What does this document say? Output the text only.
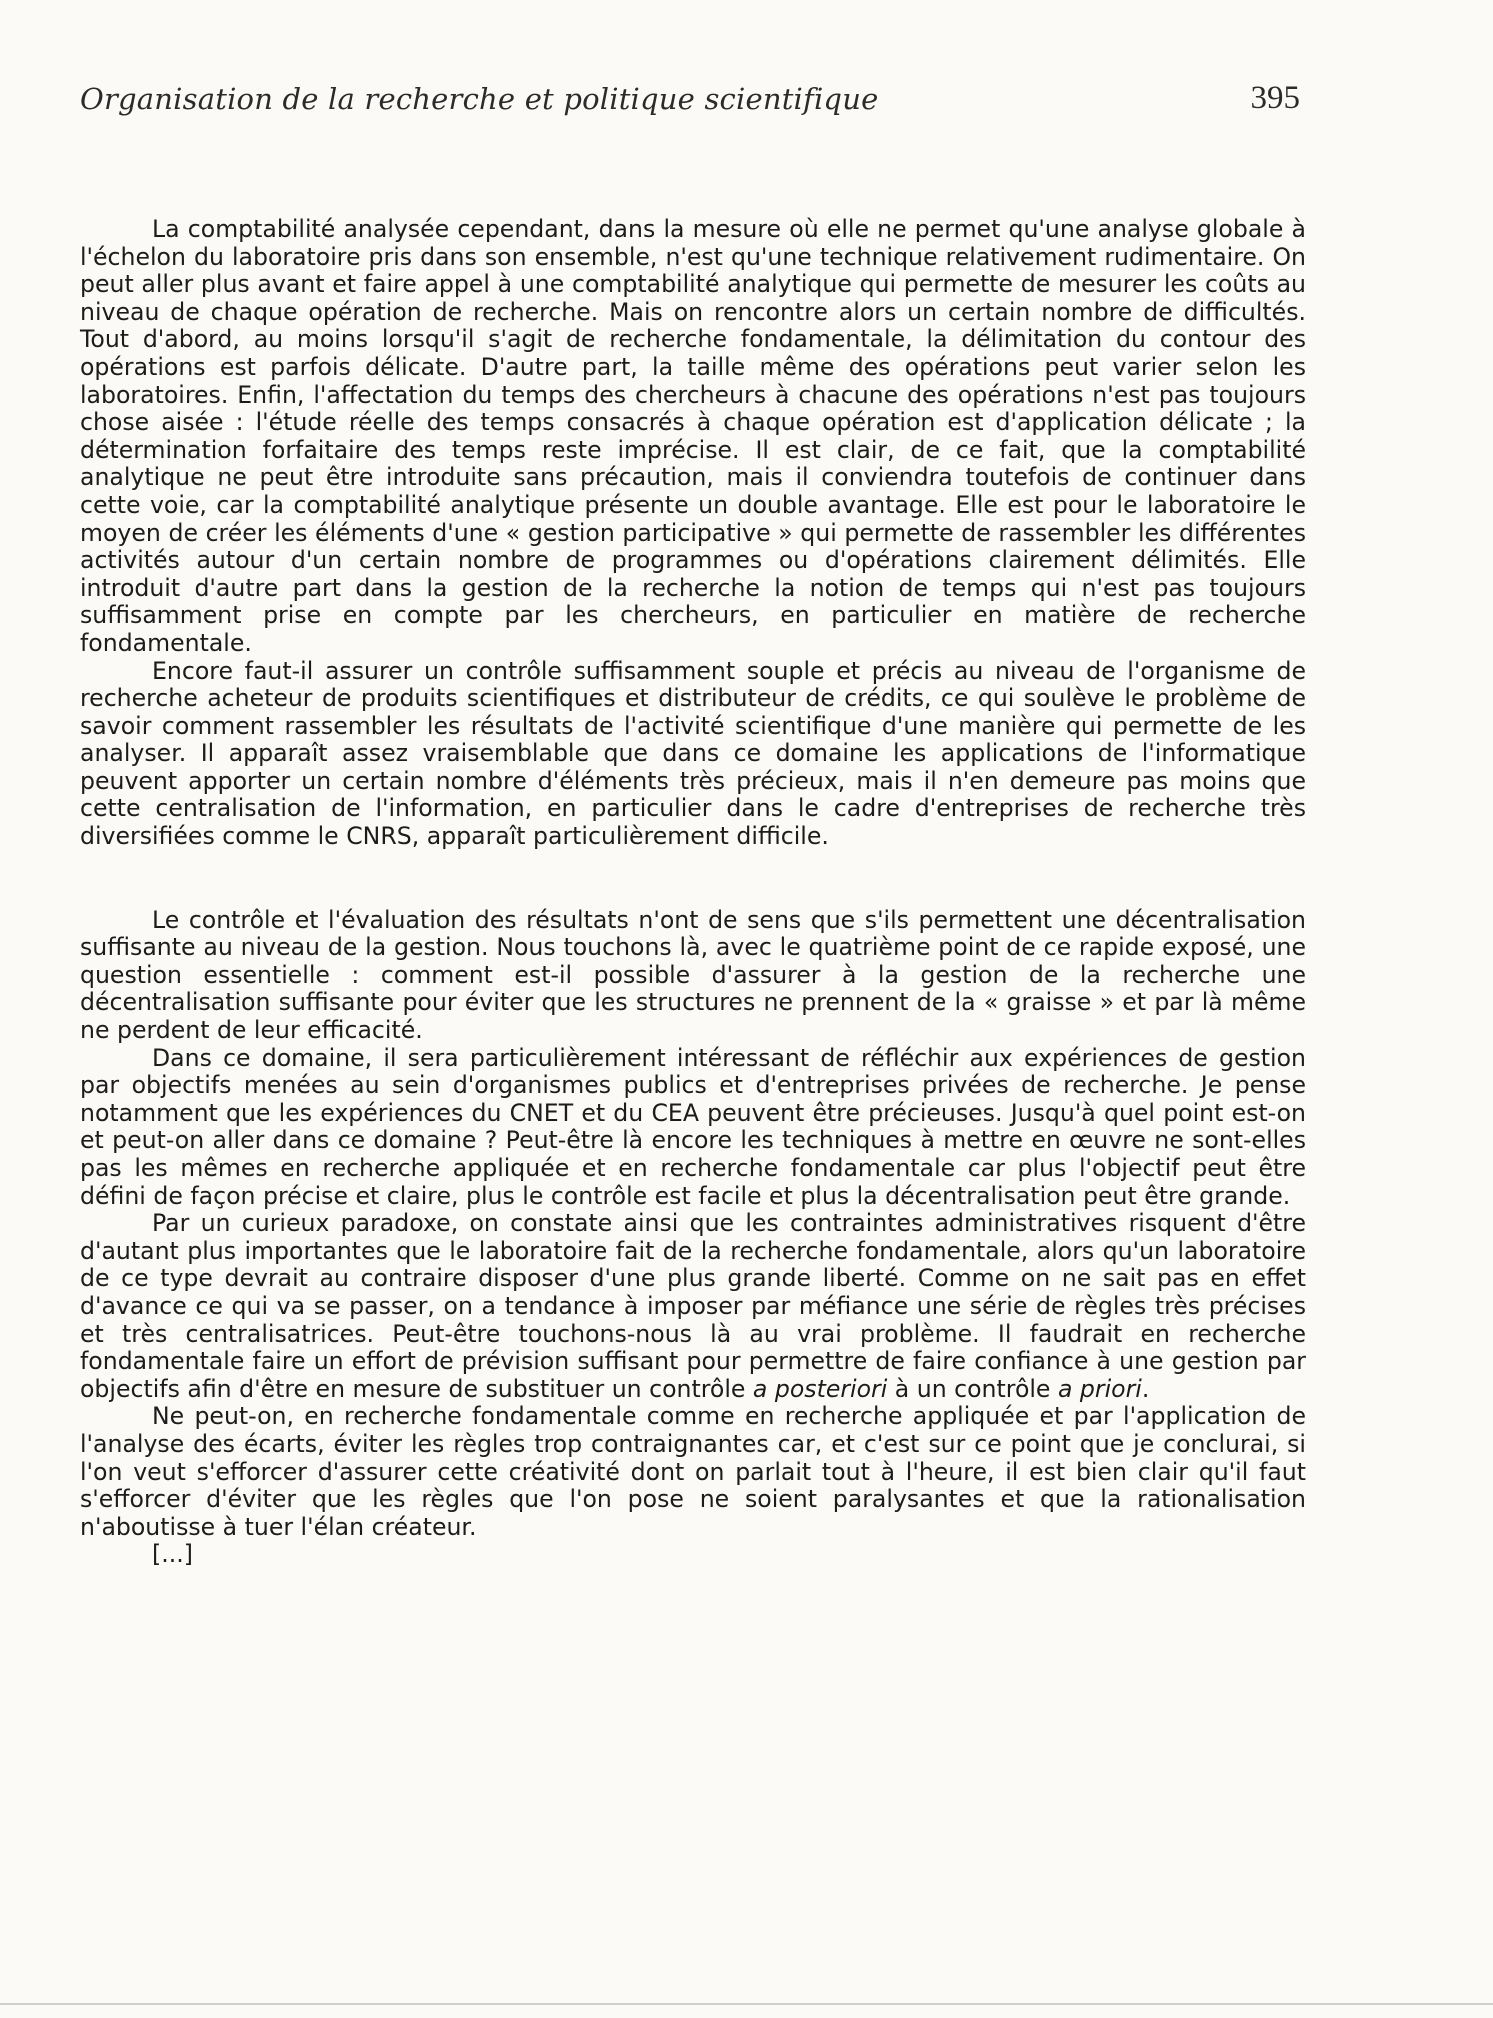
Organisation de la recherche et politique scientifique	395

La comptabilité analysée cependant, dans la mesure où elle ne permet qu'une analyse globale à l'échelon du laboratoire pris dans son ensemble, n'est qu'une technique relativement rudimentaire. On peut aller plus avant et faire appel à une comptabilité analytique qui permette de mesurer les coûts au niveau de chaque opération de recherche. Mais on rencontre alors un certain nombre de difficultés. Tout d'abord, au moins lorsqu'il s'agit de recherche fondamentale, la délimitation du contour des opérations est parfois délicate. D'autre part, la taille même des opérations peut varier selon les laboratoires. Enfin, l'affectation du temps des chercheurs à chacune des opérations n'est pas toujours chose aisée : l'étude réelle des temps consacrés à chaque opération est d'application délicate ; la détermination forfaitaire des temps reste imprécise. Il est clair, de ce fait, que la comptabilité analytique ne peut être introduite sans précaution, mais il conviendra toutefois de continuer dans cette voie, car la comptabilité analytique présente un double avantage. Elle est pour le laboratoire le moyen de créer les éléments d'une « gestion participative » qui permette de rassembler les différentes activités autour d'un certain nombre de programmes ou d'opérations clairement délimités. Elle introduit d'autre part dans la gestion de la recherche la notion de temps qui n'est pas toujours suffisamment prise en compte par les chercheurs, en particulier en matière de recherche fondamentale.

Encore faut-il assurer un contrôle suffisamment souple et précis au niveau de l'organisme de recherche acheteur de produits scientifiques et distributeur de crédits, ce qui soulève le problème de savoir comment rassembler les résultats de l'activité scientifique d'une manière qui permette de les analyser. Il apparaît assez vraisemblable que dans ce domaine les applications de l'informatique peuvent apporter un certain nombre d'éléments très précieux, mais il n'en demeure pas moins que cette centralisation de l'information, en particulier dans le cadre d'entreprises de recherche très diversifiées comme le CNRS, apparaît particulièrement difficile.

Le contrôle et l'évaluation des résultats n'ont de sens que s'ils permettent une décentralisation suffisante au niveau de la gestion. Nous touchons là, avec le quatrième point de ce rapide exposé, une question essentielle : comment est-il possible d'assurer à la gestion de la recherche une décentralisation suffisante pour éviter que les structures ne prennent de la « graisse » et par là même ne perdent de leur efficacité.

Dans ce domaine, il sera particulièrement intéressant de réfléchir aux expériences de gestion par objectifs menées au sein d'organismes publics et d'entreprises privées de recherche. Je pense notamment que les expériences du CNET et du CEA peuvent être précieuses. Jusqu'à quel point est-on et peut-on aller dans ce domaine ? Peut-être là encore les techniques à mettre en œuvre ne sont-elles pas les mêmes en recherche appliquée et en recherche fondamentale car plus l'objectif peut être défini de façon précise et claire, plus le contrôle est facile et plus la décentralisation peut être grande.

Par un curieux paradoxe, on constate ainsi que les contraintes administratives risquent d'être d'autant plus importantes que le laboratoire fait de la recherche fondamentale, alors qu'un laboratoire de ce type devrait au contraire disposer d'une plus grande liberté. Comme on ne sait pas en effet d'avance ce qui va se passer, on a tendance à imposer par méfiance une série de règles très précises et très centralisatrices. Peut-être touchons-nous là au vrai problème. Il faudrait en recherche fondamentale faire un effort de prévision suffisant pour permettre de faire confiance à une gestion par objectifs afin d'être en mesure de substituer un contrôle a posteriori à un contrôle a priori.

Ne peut-on, en recherche fondamentale comme en recherche appliquée et par l'application de l'analyse des écarts, éviter les règles trop contraignantes car, et c'est sur ce point que je conclurai, si l'on veut s'efforcer d'assurer cette créativité dont on parlait tout à l'heure, il est bien clair qu'il faut s'efforcer d'éviter que les règles que l'on pose ne soient paralysantes et que la rationalisation n'aboutisse à tuer l'élan créateur.

[...]
